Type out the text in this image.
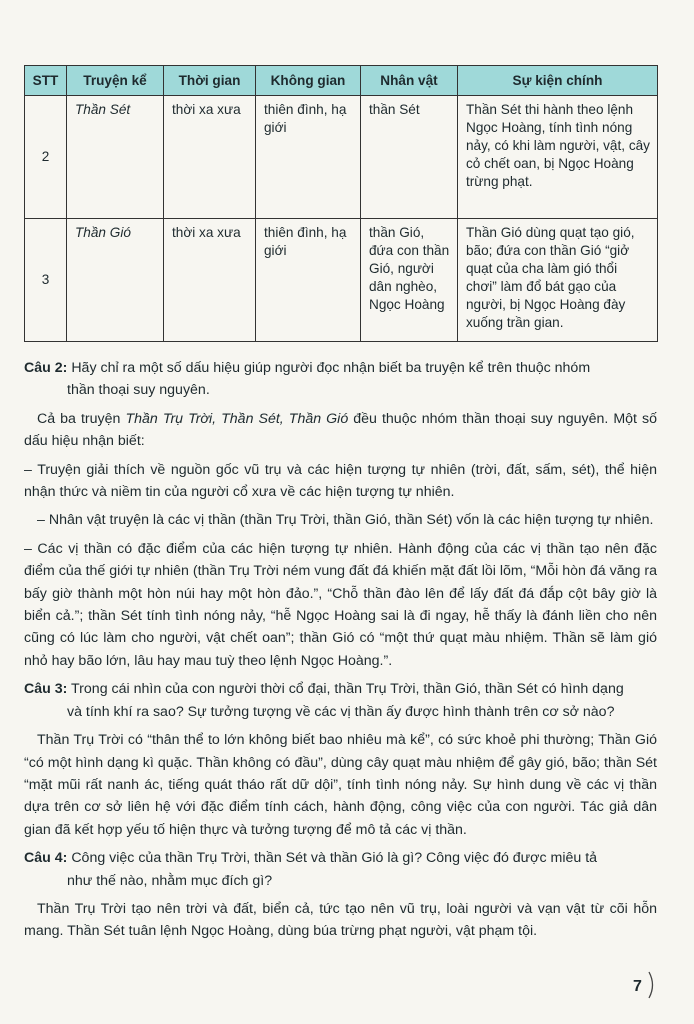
STT	Truyện kể	Thời gian	Không gian	Nhân vật	Sự kiện chính
2	Thần Sét	thời xa xưa	thiên đình, hạ giới	thần Sét	Thần Sét thi hành theo lệnh Ngọc Hoàng, tính tình nóng nảy, có khi làm người, vật, cây cỏ chết oan, bị Ngọc Hoàng trừng phạt.
3	Thần Gió	thời xa xưa	thiên đình, hạ giới	thần Gió, đứa con thần Gió, người dân nghèo, Ngọc Hoàng	Thần Gió dùng quạt tạo gió, bão; đứa con thần Gió “giở quạt của cha làm gió thổi chơi” làm đổ bát gạo của người, bị Ngọc Hoàng đày xuống trần gian.
Câu 2: Hãy chỉ ra một số dấu hiệu giúp người đọc nhận biết ba truyện kể trên thuộc nhóm
thần thoại suy nguyên.
Cả ba truyện Thần Trụ Trời, Thần Sét, Thần Gió đều thuộc nhóm thần thoại suy nguyên. Một số dấu hiệu nhận biết:
– Truyện giải thích về nguồn gốc vũ trụ và các hiện tượng tự nhiên (trời, đất, sấm, sét), thể hiện nhận thức và niềm tin của người cổ xưa về các hiện tượng tự nhiên.
– Nhân vật truyện là các vị thần (thần Trụ Trời, thần Gió, thần Sét) vốn là các hiện tượng tự nhiên.
– Các vị thần có đặc điểm của các hiện tượng tự nhiên. Hành động của các vị thần tạo nên đặc điểm của thế giới tự nhiên (thần Trụ Trời ném vung đất đá khiến mặt đất lồi lõm, “Mỗi hòn đá văng ra bấy giờ thành một hòn núi hay một hòn đảo.”, “Chỗ thần đào lên để lấy đất đá đắp cột bây giờ là biển cả.”; thần Sét tính tình nóng nảy, “hễ Ngọc Hoàng sai là đi ngay, hễ thấy là đánh liền cho nên cũng có lúc làm cho người, vật chết oan”; thần Gió có “một thứ quạt màu nhiệm. Thần sẽ làm gió nhỏ hay bão lớn, lâu hay mau tuỳ theo lệnh Ngọc Hoàng.”.
Câu 3: Trong cái nhìn của con người thời cổ đại, thần Trụ Trời, thần Gió, thần Sét có hình dạng
và tính khí ra sao? Sự tưởng tượng về các vị thần ấy được hình thành trên cơ sở nào?
Thần Trụ Trời có “thân thể to lớn không biết bao nhiêu mà kể”, có sức khoẻ phi thường; Thần Gió “có một hình dạng kì quặc. Thần không có đầu”, dùng cây quạt màu nhiệm để gây gió, bão; thần Sét “mặt mũi rất nanh ác, tiếng quát tháo rất dữ dội”, tính tình nóng nảy. Sự hình dung về các vị thần dựa trên cơ sở liên hệ với đặc điểm tính cách, hành động, công việc của con người. Tác giả dân gian đã kết hợp yếu tố hiện thực và tưởng tượng để mô tả các vị thần.
Câu 4: Công việc của thần Trụ Trời, thần Sét và thần Gió là gì? Công việc đó được miêu tả
như thế nào, nhằm mục đích gì?
Thần Trụ Trời tạo nên trời và đất, biển cả, tức tạo nên vũ trụ, loài người và vạn vật từ cõi hỗn mang. Thần Sét tuân lệnh Ngọc Hoàng, dùng búa trừng phạt người, vật phạm tội.
7
